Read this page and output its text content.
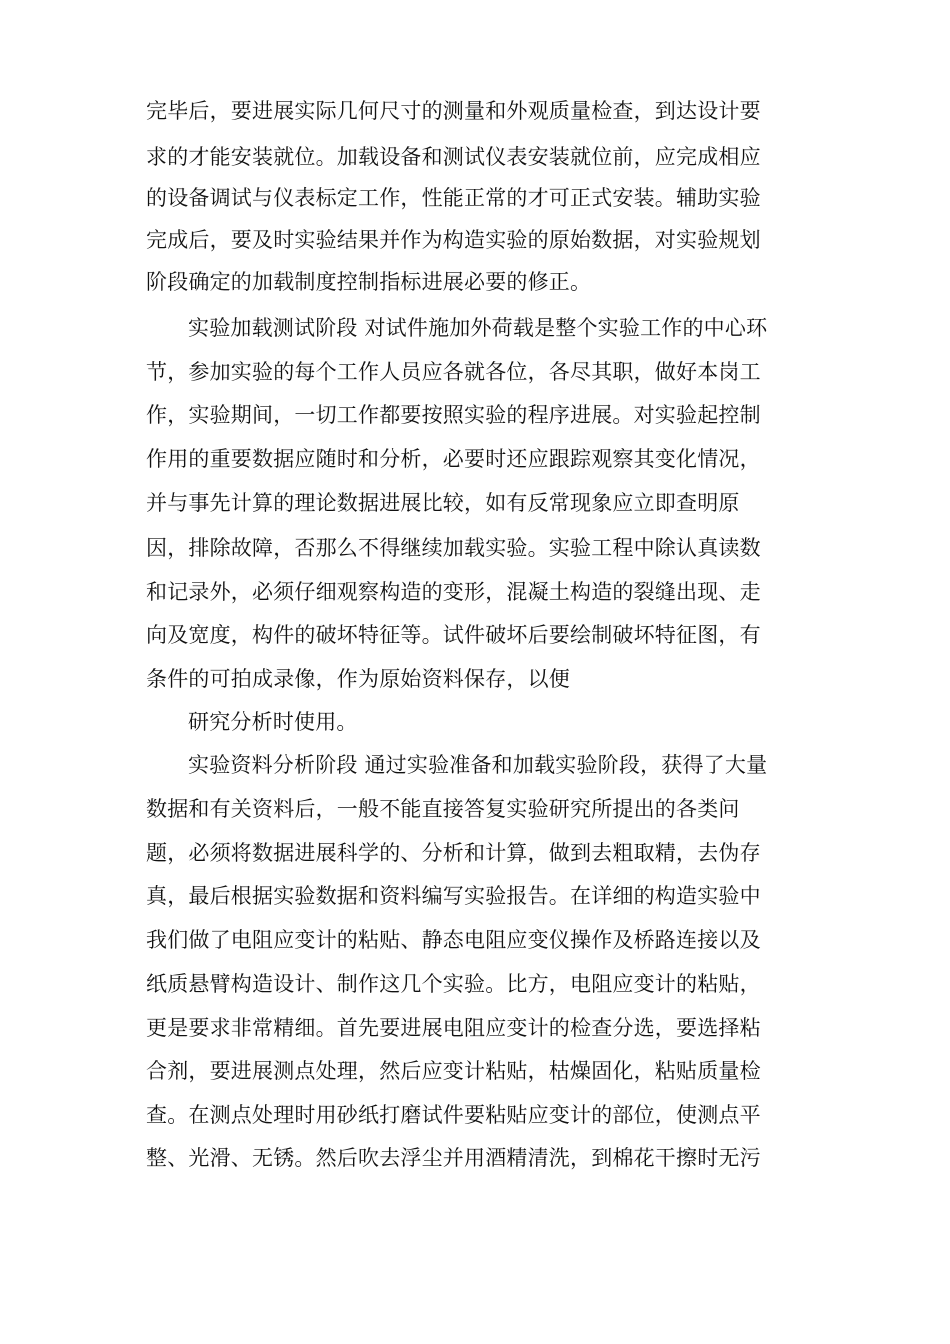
完毕后，要进展实际几何尺寸的测量和外观质量检查，到达设计要
求的才能安装就位。加载设备和测试仪表安装就位前，应完成相应
的设备调试与仪表标定工作，性能正常的才可正式安装。辅助实验
完成后，要及时实验结果并作为构造实验的原始数据，对实验规划
阶段确定的加载制度控制指标进展必要的修正。
实验加载测试阶段 对试件施加外荷载是整个实验工作的中心环
节，参加实验的每个工作人员应各就各位，各尽其职，做好本岗工
作，实验期间，一切工作都要按照实验的程序进展。对实验起控制
作用的重要数据应随时和分析，必要时还应跟踪观察其变化情况，
并与事先计算的理论数据进展比较，如有反常现象应立即查明原
因，排除故障，否那么不得继续加载实验。实验工程中除认真读数
和记录外，必须仔细观察构造的变形，混凝土构造的裂缝出现、走
向及宽度，构件的破坏特征等。试件破坏后要绘制破坏特征图，有
条件的可拍成录像，作为原始资料保存，以便
研究分析时使用。
实验资料分析阶段 通过实验准备和加载实验阶段，获得了大量
数据和有关资料后，一般不能直接答复实验研究所提出的各类问
题，必须将数据进展科学的、分析和计算，做到去粗取精，去伪存
真，最后根据实验数据和资料编写实验报告。在详细的构造实验中
我们做了电阻应变计的粘贴、静态电阻应变仪操作及桥路连接以及
纸质悬臂构造设计、制作这几个实验。比方，电阻应变计的粘贴，
更是要求非常精细。首先要进展电阻应变计的检查分选，要选择粘
合剂，要进展测点处理，然后应变计粘贴，枯燥固化，粘贴质量检
查。在测点处理时用砂纸打磨试件要粘贴应变计的部位，使测点平
整、光滑、无锈。然后吹去浮尘并用酒精清洗，到棉花干擦时无污
